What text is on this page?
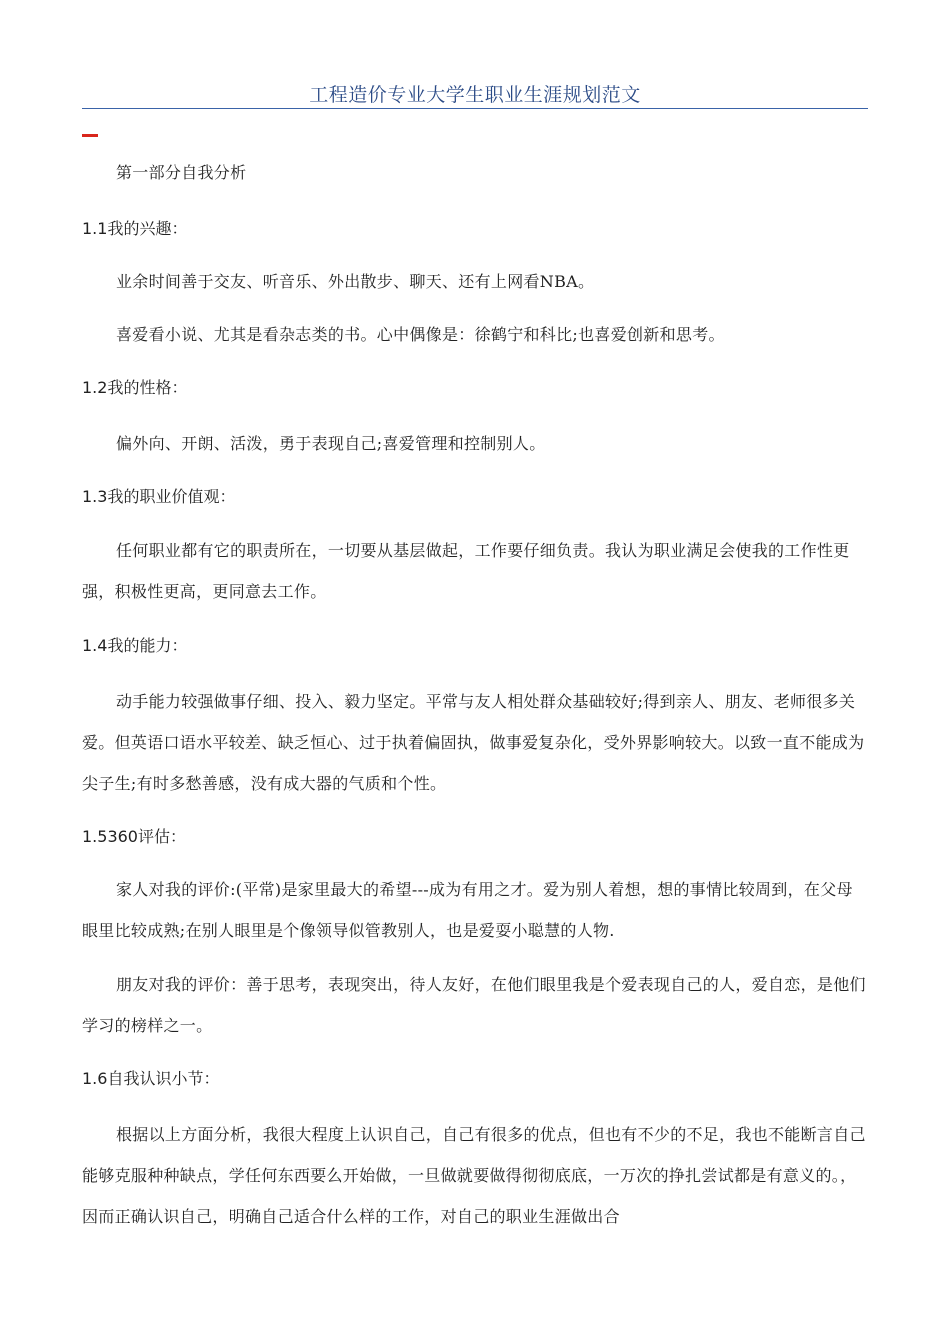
工程造价专业大学生职业生涯规划范文
第一部分自我分析
1.1我的兴趣：
业余时间善于交友、听音乐、外出散步、聊天、还有上网看NBA。
喜爱看小说、尤其是看杂志类的书。心中偶像是：徐鹤宁和科比;也喜爱创新和思考。
1.2我的性格：
偏外向、开朗、活泼，勇于表现自己;喜爱管理和控制别人。
1.3我的职业价值观：
任何职业都有它的职责所在，一切要从基层做起，工作要仔细负责。我认为职业满足会使我的工作性更强，积极性更高，更同意去工作。
1.4我的能力：
动手能力较强做事仔细、投入、毅力坚定。平常与友人相处群众基础较好;得到亲人、朋友、老师很多关爱。但英语口语水平较差、缺乏恒心、过于执着偏固执，做事爱复杂化，受外界影响较大。以致一直不能成为尖子生;有时多愁善感，没有成大器的气质和个性。
1.5360评估：
家人对我的评价:(平常)是家里最大的希望---成为有用之才。爱为别人着想，想的事情比较周到，在父母眼里比较成熟;在别人眼里是个像领导似管教别人，也是爱耍小聪慧的人物.
朋友对我的评价：善于思考，表现突出，待人友好，在他们眼里我是个爱表现自己的人，爱自恋，是他们学习的榜样之一。
1.6自我认识小节：
根据以上方面分析，我很大程度上认识自己，自己有很多的优点，但也有不少的不足，我也不能断言自己能够克服种种缺点，学任何东西要么开始做，一旦做就要做得彻彻底底，一万次的挣扎尝试都是有意义的。，因而正确认识自己，明确自己适合什么样的工作，对自己的职业生涯做出合
